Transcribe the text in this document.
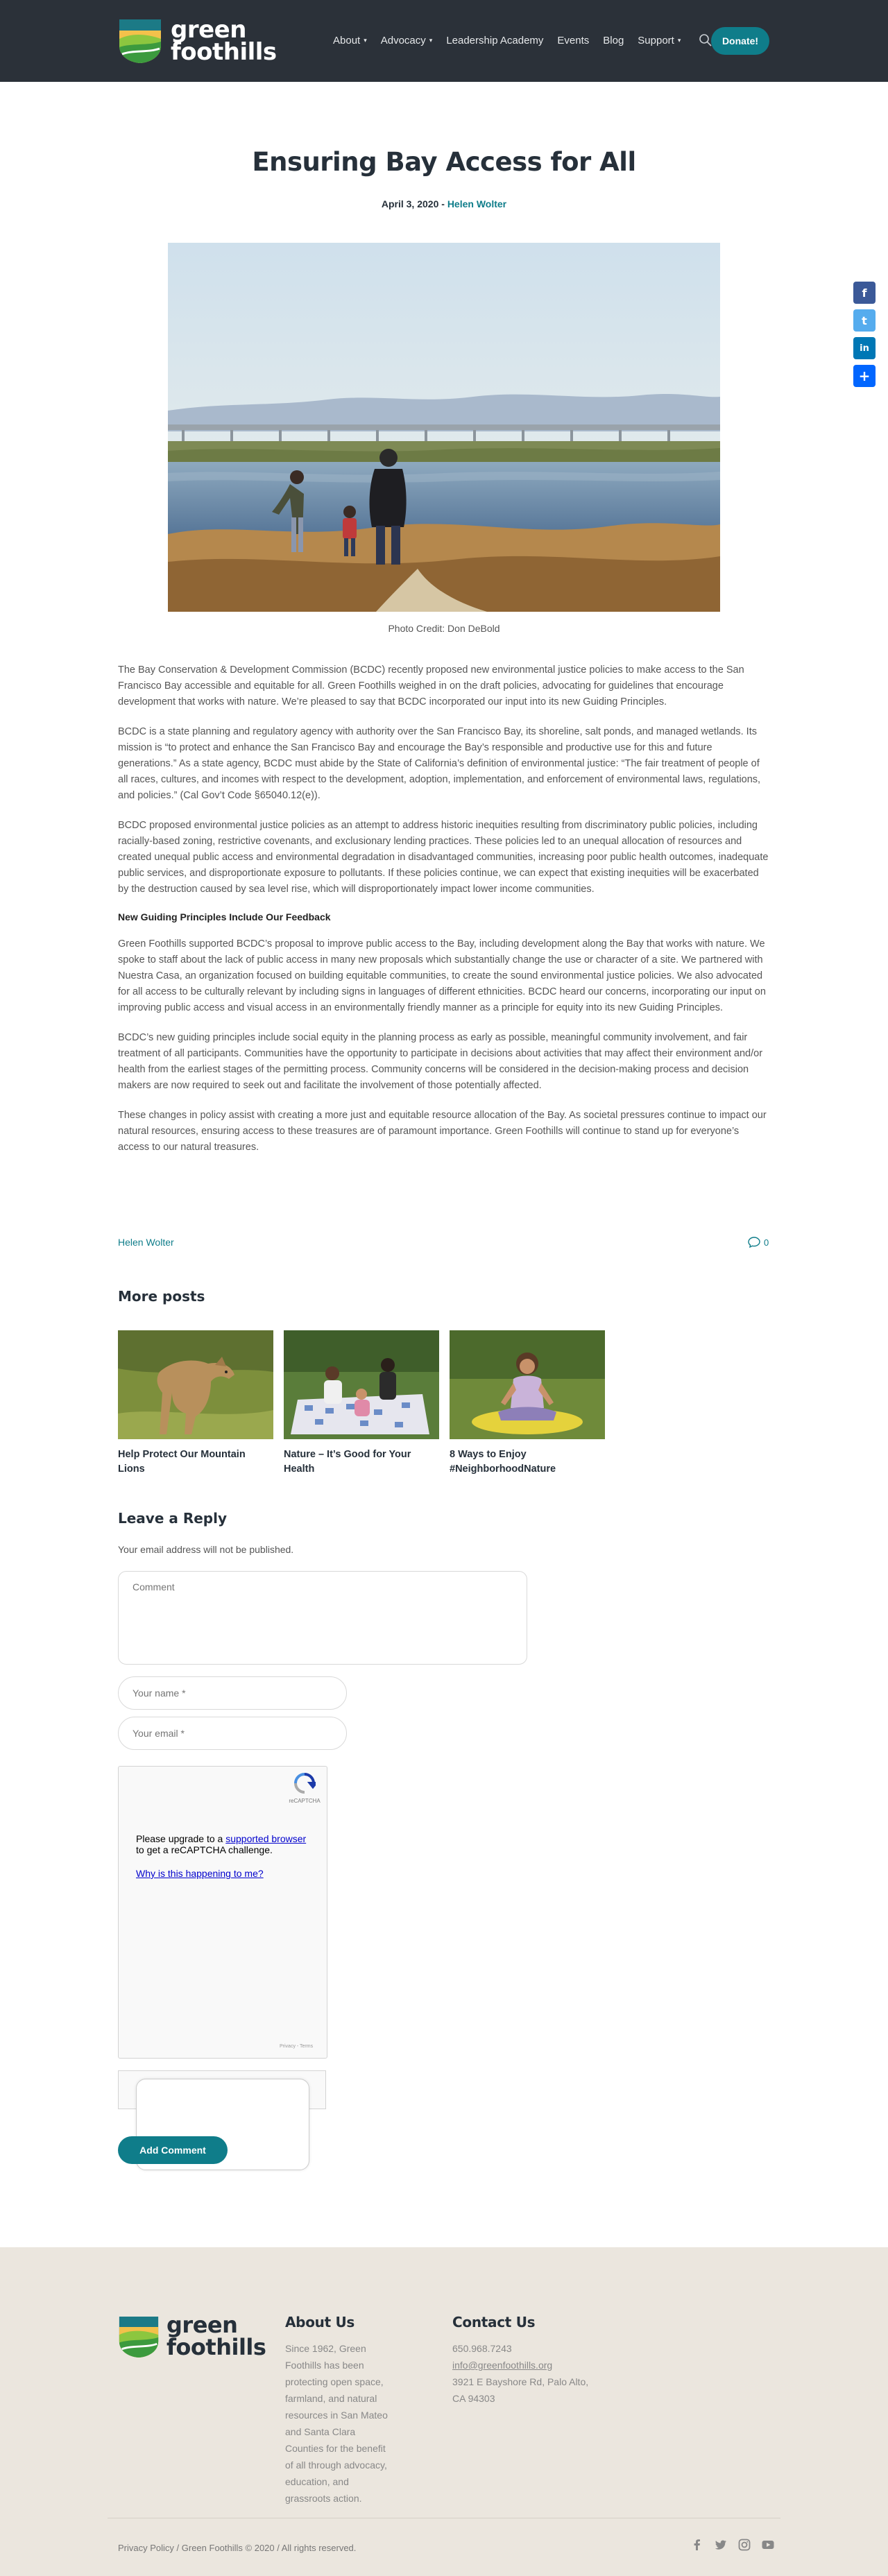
green
foothills	About ▾ Advocacy ▾ Leadership Academy Events Blog Support ▾	Donate!
f
t
in
+
Ensuring Bay Access for All
April 3, 2020 - Helen Wolter
Photo Credit: Don DeBold

The Bay Conservation & Development Commission (BCDC) recently proposed new environmental justice policies to make access to the San Francisco Bay accessible and equitable for all. Green Foothills weighed in on the draft policies, advocating for guidelines that encourage development that works with nature. We’re pleased to say that BCDC incorporated our input into its new Guiding Principles.

BCDC is a state planning and regulatory agency with authority over the San Francisco Bay, its shoreline, salt ponds, and managed wetlands. Its mission is “to protect and enhance the San Francisco Bay and encourage the Bay’s responsible and productive use for this and future generations.” As a state agency, BCDC must abide by the State of California’s definition of environmental justice: “The fair treatment of people of all races, cultures, and incomes with respect to the development, adoption, implementation, and enforcement of environmental laws, regulations, and policies.” (Cal Gov’t Code §65040.12(e)).

BCDC proposed environmental justice policies as an attempt to address historic inequities resulting from discriminatory public policies, including racially-based zoning, restrictive covenants, and exclusionary lending practices. These policies led to an unequal allocation of resources and created unequal public access and environmental degradation in disadvantaged communities, increasing poor public health outcomes, inadequate public services, and disproportionate exposure to pollutants. If these policies continue, we can expect that existing inequities will be exacerbated by the destruction caused by sea level rise, which will disproportionately impact lower income communities.

New Guiding Principles Include Our Feedback

Green Foothills supported BCDC’s proposal to improve public access to the Bay, including development along the Bay that works with nature. We spoke to staff about the lack of public access in many new proposals which substantially change the use or character of a site. We partnered with Nuestra Casa, an organization focused on building equitable communities, to create the sound environmental justice policies. We also advocated for all access to be culturally relevant by including signs in languages of different ethnicities. BCDC heard our concerns, incorporating our input on improving public access and visual access in an environmentally friendly manner as a principle for equity into its new Guiding Principles.

BCDC’s new guiding principles include social equity in the planning process as early as possible, meaningful community involvement, and fair treatment of all participants. Communities have the opportunity to participate in decisions about activities that may affect their environment and/or health from the earliest stages of the permitting process. Community concerns will be considered in the decision-making process and decision makers are now required to seek out and facilitate the involvement of those potentially affected.

These changes in policy assist with creating a more just and equitable resource allocation of the Bay. As societal pressures continue to impact our natural resources, ensuring access to these treasures are of paramount importance. Green Foothills will continue to stand up for everyone’s access to our natural treasures.

Helen Wolter	0
More posts
Help Protect Our Mountain Lions
Nature – It’s Good for Your Health
8 Ways to Enjoy #NeighborhoodNature
Leave a Reply
Your email address will not be published.
Comment
Your name *
Your email *
reCAPTCHA
Please upgrade to a supported browser to get a reCAPTCHA challenge.
Why is this happening to me?
Privacy - Terms
Add Comment
green
foothills
About Us

Since 1962, Green Foothills has been protecting open space, farmland, and natural resources in San Mateo and Santa Clara Counties for the benefit of all through advocacy, education, and grassroots action.

Contact Us
650.968.7243
info@greenfoothills.org
3921 E Bayshore Rd, Palo Alto,
CA 94303
Privacy Policy / Green Foothills © 2020 / All rights reserved.
